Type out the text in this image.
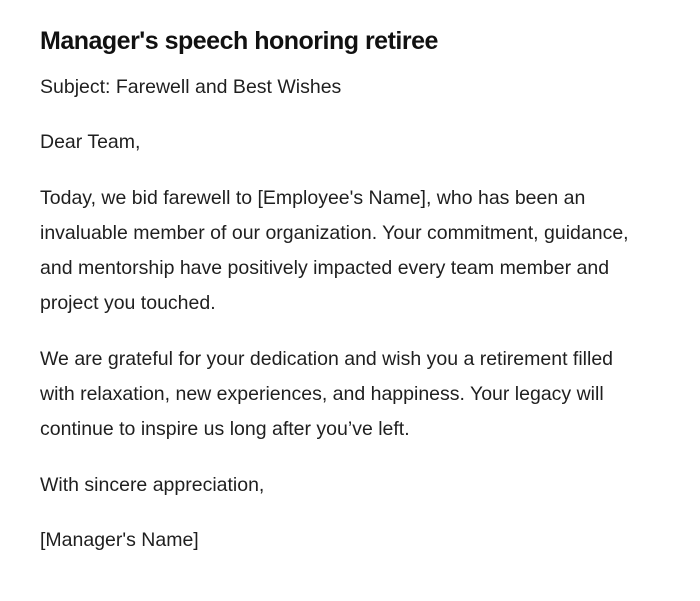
Manager's speech honoring retiree

Subject: Farewell and Best Wishes

Dear Team,

Today, we bid farewell to [Employee's Name], who has been an invaluable member of our organization. Your commitment, guidance, and mentorship have positively impacted every team member and project you touched.

We are grateful for your dedication and wish you a retirement filled with relaxation, new experiences, and happiness. Your legacy will continue to inspire us long after you’ve left.

With sincere appreciation,

[Manager's Name]
